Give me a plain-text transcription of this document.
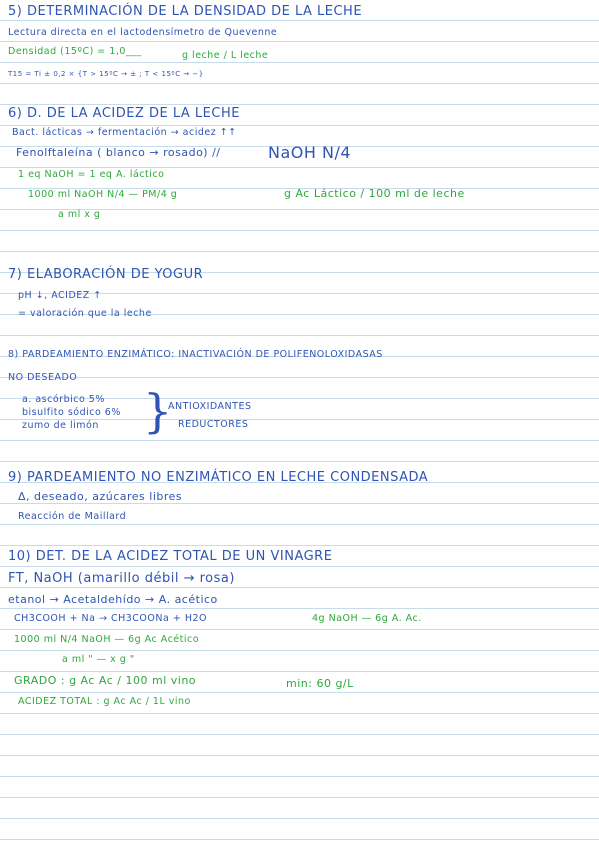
5) DETERMINACIÓN DE LA DENSIDAD DE LA LECHE
Lectura directa en el lactodensímetro de Quevenne
Densidad (15ºC) = 1,0___	g leche / L leche
T15 = Ti ± 0,2 × {T > 15ºC → ± ; T < 15ºC → −}
6) D. DE LA ACIDEZ DE LA LECHE
Bact. lácticas → fermentación → acidez ↑↑
Fenolftaleína ( blanco → rosado) //	NaOH N/4
1 eq NaOH = 1 eq A. láctico
1000 ml NaOH N/4 — PM/4 g
a ml x g
g Ac Láctico / 100 ml de leche
7) ELABORACIÓN DE YOGUR
pH ↓, ACIDEZ ↑
= valoración que la leche
8) PARDEAMIENTO ENZIMÁTICO: INACTIVACIÓN DE POLIFENOLOXIDASAS
NO DESEADO
a. ascórbico 5%
bisulfito sódico 6%
zumo de limón }
ANTIOXIDANTES
REDUCTORES
9) PARDEAMIENTO NO ENZIMÁTICO EN LECHE CONDENSADA
Δ, deseado, azúcares libres
Reacción de Maillard
10) DET. DE LA ACIDEZ TOTAL DE UN VINAGRE
FT, NaOH (amarillo débil → rosa)
etanol → Acetaldehído → A. acético
CH3COOH + Na → CH3COONa + H2O	4g NaOH — 6g A. Ac.
1000 ml N/4 NaOH — 6g Ac Acético
a ml " — x g "
GRADO : g Ac Ac / 100 ml vino	min: 60 g/L
ACIDEZ TOTAL : g Ac Ac / 1L vino
